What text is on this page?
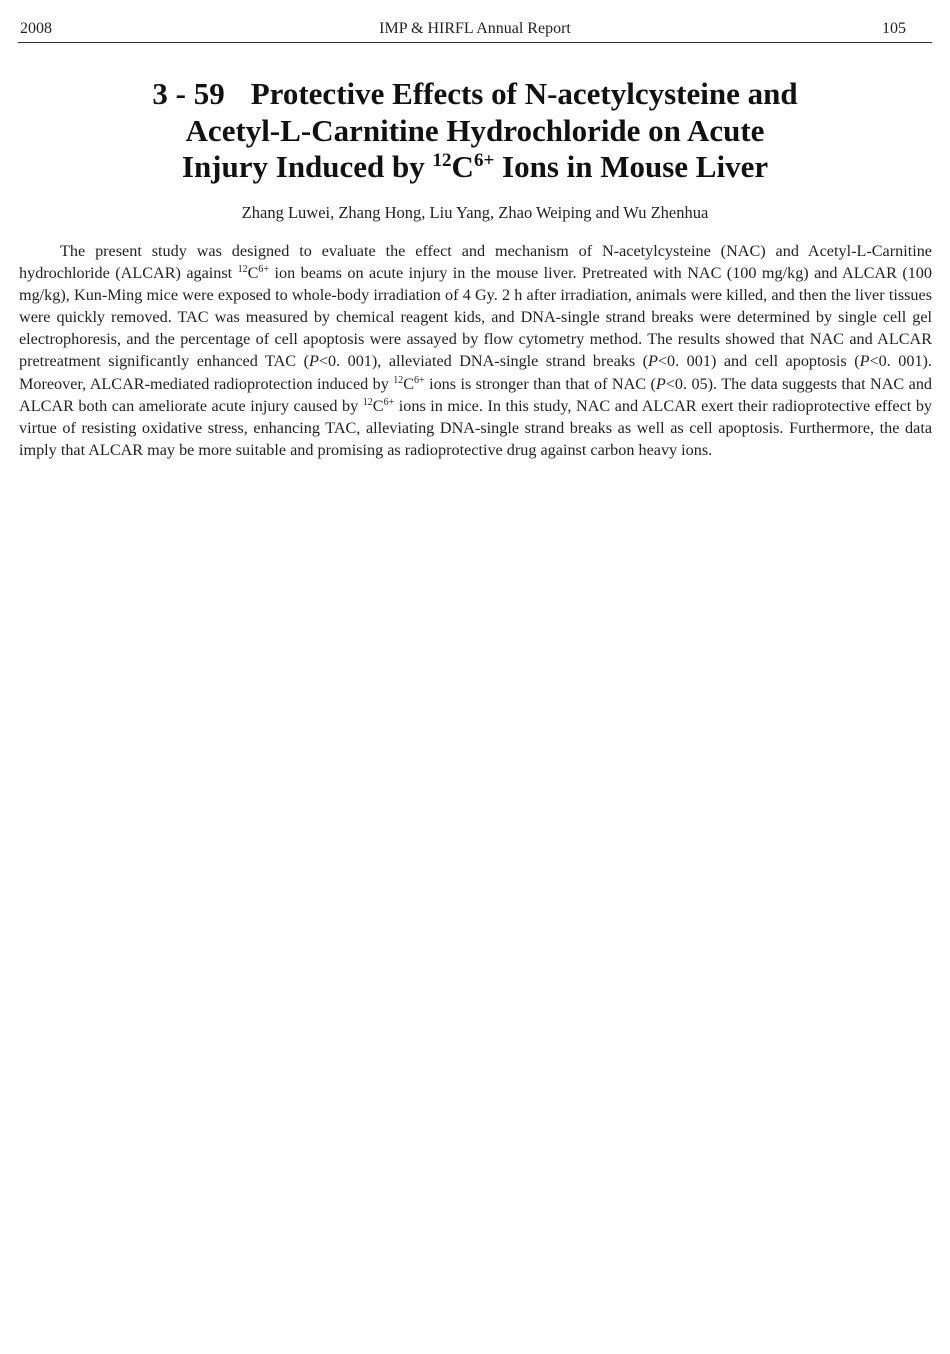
2008	IMP & HIRFL Annual Report	105
3 - 59 Protective Effects of N-acetylcysteine and
Acetyl-L-Carnitine Hydrochloride on Acute
Injury Induced by $^{12}C^{6+}$ Ions in Mouse Liver
Zhang Luwei, Zhang Hong, Liu Yang, Zhao Weiping and Wu Zhenhua

The present study was designed to evaluate the effect and mechanism of N-acetylcysteine (NAC) and Acetyl-L-Carnitine hydrochloride (ALCAR) against $^{12}C^{6+}$ ion beams on acute injury in the mouse liver. Pretreated with NAC (100 mg/kg) and ALCAR (100 mg/kg), Kun-Ming mice were exposed to whole-body irradiation of 4 Gy. 2 h after irradiation, animals were killed, and then the liver tissues were quickly removed. TAC was measured by chemical reagent kids, and DNA-single strand breaks were determined by single cell gel electrophoresis, and the percentage of cell apoptosis were assayed by flow cytometry method. The results showed that NAC and ALCAR pretreatment significantly enhanced TAC (P<0. 001), alleviated DNA-single strand breaks (P<0. 001) and cell apoptosis (P<0. 001). Moreover, ALCAR-mediated radioprotection induced by $^{12}C^{6+}$ ions is stronger than that of NAC (P<0. 05). The data suggests that NAC and ALCAR both can ameliorate acute injury caused by $^{12}C^{6+}$ ions in mice. In this study, NAC and ALCAR exert their radioprotective effect by virtue of resisting oxidative stress, enhancing TAC, alleviating DNA-single strand breaks as well as cell apoptosis. Furthermore, the data imply that ALCAR may be more suitable and promising as radioprotective drug against carbon heavy ions.
